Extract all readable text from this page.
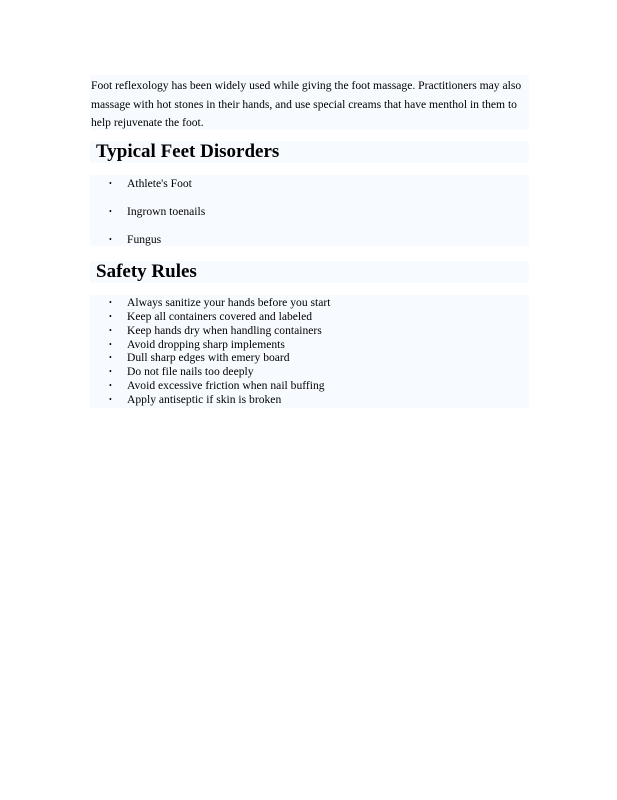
Foot reflexology has been widely used while giving the foot massage. Practitioners may also massage with hot stones in their hands, and use special creams that have menthol in them to help rejuvenate the foot.
Typical Feet Disorders
• Athlete's Foot
• Ingrown toenails
• Fungus
Safety Rules
• Always sanitize your hands before you start
• Keep all containers covered and labeled
• Keep hands dry when handling containers
• Avoid dropping sharp implements
• Dull sharp edges with emery board
• Do not file nails too deeply
• Avoid excessive friction when nail buffing
• Apply antiseptic if skin is broken
